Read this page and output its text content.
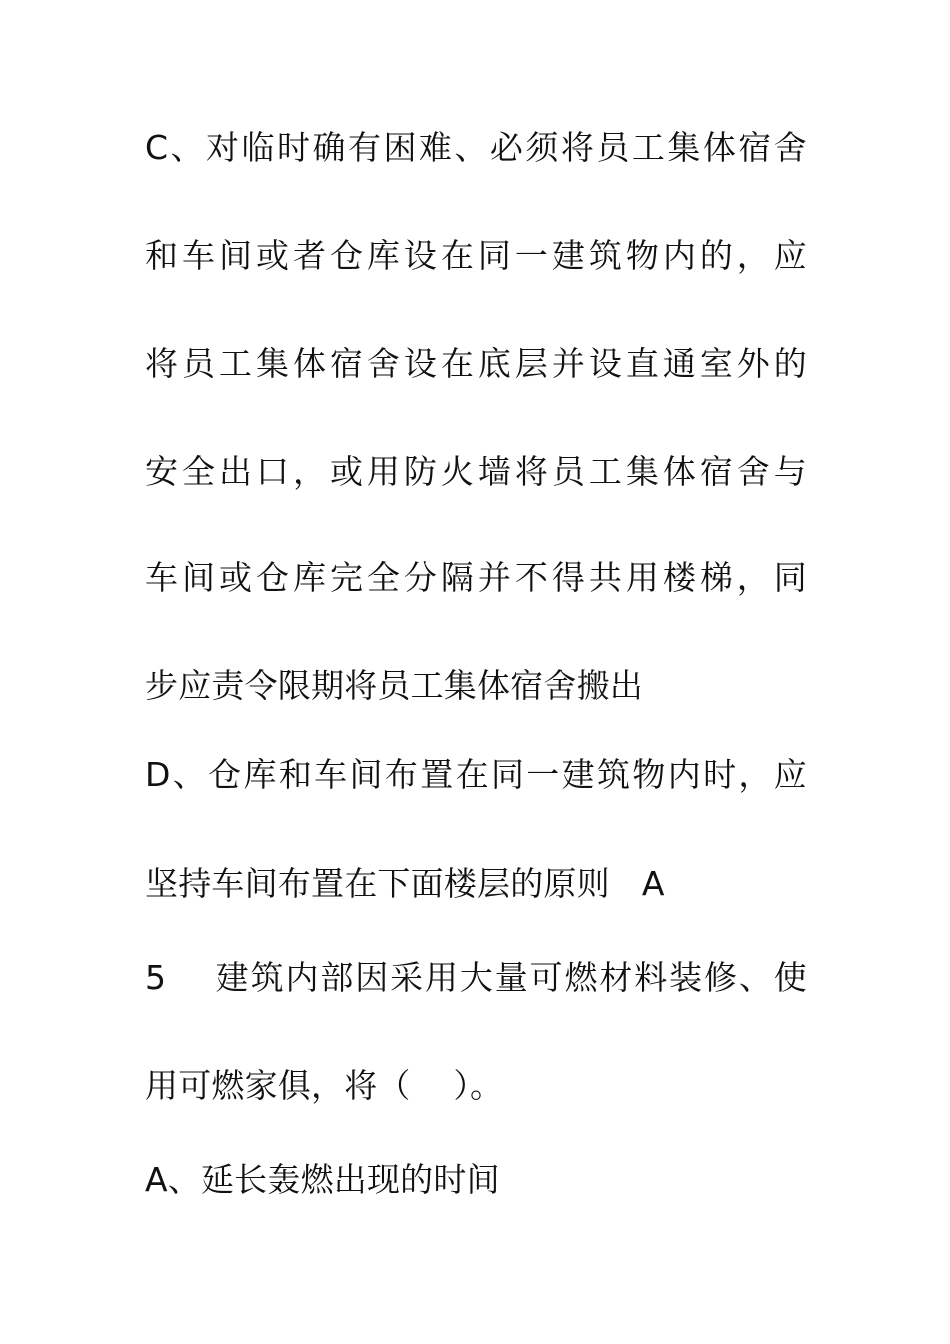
C、对临时确有困难、必须将员工集体宿舍
和车间或者仓库设在同一建筑物内的，应
将员工集体宿舍设在底层并设直通室外的
安全出口，或用防火墙将员工集体宿舍与
车间或仓库完全分隔并不得共用楼梯，同
步应责令限期将员工集体宿舍搬出
D、仓库和车间布置在同一建筑物内时，应
坚持车间布置在下面楼层的原则   A
5    建筑内部因采用大量可燃材料装修、使
用可燃家俱，将（    ）。
A、延长轰燃出现的时间
